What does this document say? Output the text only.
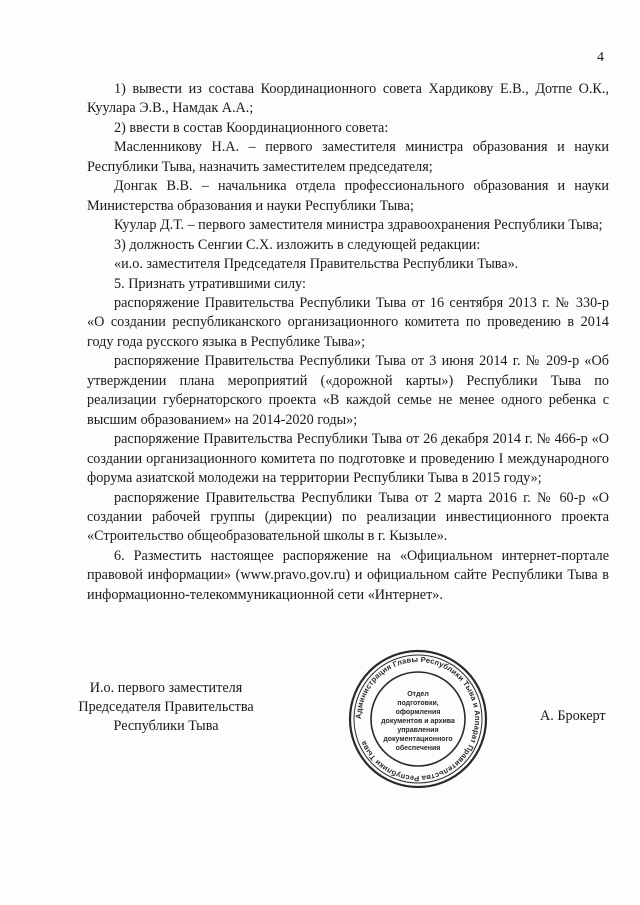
4

1) вывести из состава Координационного совета Хардикову Е.В., Дотпе О.К., Куулара Э.В., Намдак А.А.;

2) ввести в состав Координационного совета:

Масленникову Н.А. – первого заместителя министра образования и науки Республики Тыва, назначить заместителем председателя;

Донгак В.В. – начальника отдела профессионального образования и науки Министерства образования и науки Республики Тыва;

Куулар Д.Т. – первого заместителя министра здравоохранения Республики Тыва;

3) должность Сенгии С.Х. изложить в следующей редакции:

«и.о. заместителя Председателя Правительства Республики Тыва».

5. Признать утратившими силу:

распоряжение Правительства Республики Тыва от 16 сентября 2013 г. № 330-р «О создании республиканского организационного комитета по проведению в 2014 году года русского языка в Республике Тыва»;

распоряжение Правительства Республики Тыва от 3 июня 2014 г. № 209-р «Об утверждении плана мероприятий («дорожной карты») Республики Тыва по реализации губернаторского проекта «В каждой семье не менее одного ребенка с высшим образованием» на 2014-2020 годы»;

распоряжение Правительства Республики Тыва от 26 декабря 2014 г. № 466-р «О создании организационного комитета по подготовке и проведению I международного форума азиатской молодежи на территории Республики Тыва в 2015 году»;

распоряжение Правительства Республики Тыва от 2 марта 2016 г. № 60-р «О создании рабочей группы (дирекции) по реализации инвестиционного проекта «Строительство общеобразовательной школы в г. Кызыле».

6. Разместить настоящее распоряжение на «Официальном интернет-портале правовой информации» (www.pravo.gov.ru) и официальном сайте Республики Тыва в информационно-телекоммуникационной сети «Интернет».

И.о. первого заместителя

Председателя Правительства

Республики Тыва

Администрация Главы Республики Тыва и Аппарат Правительства Республики Тыва
Отдел
подготовки,
оформления
документов и архива
управления
документационного
обеспечения
А. Брокерт
